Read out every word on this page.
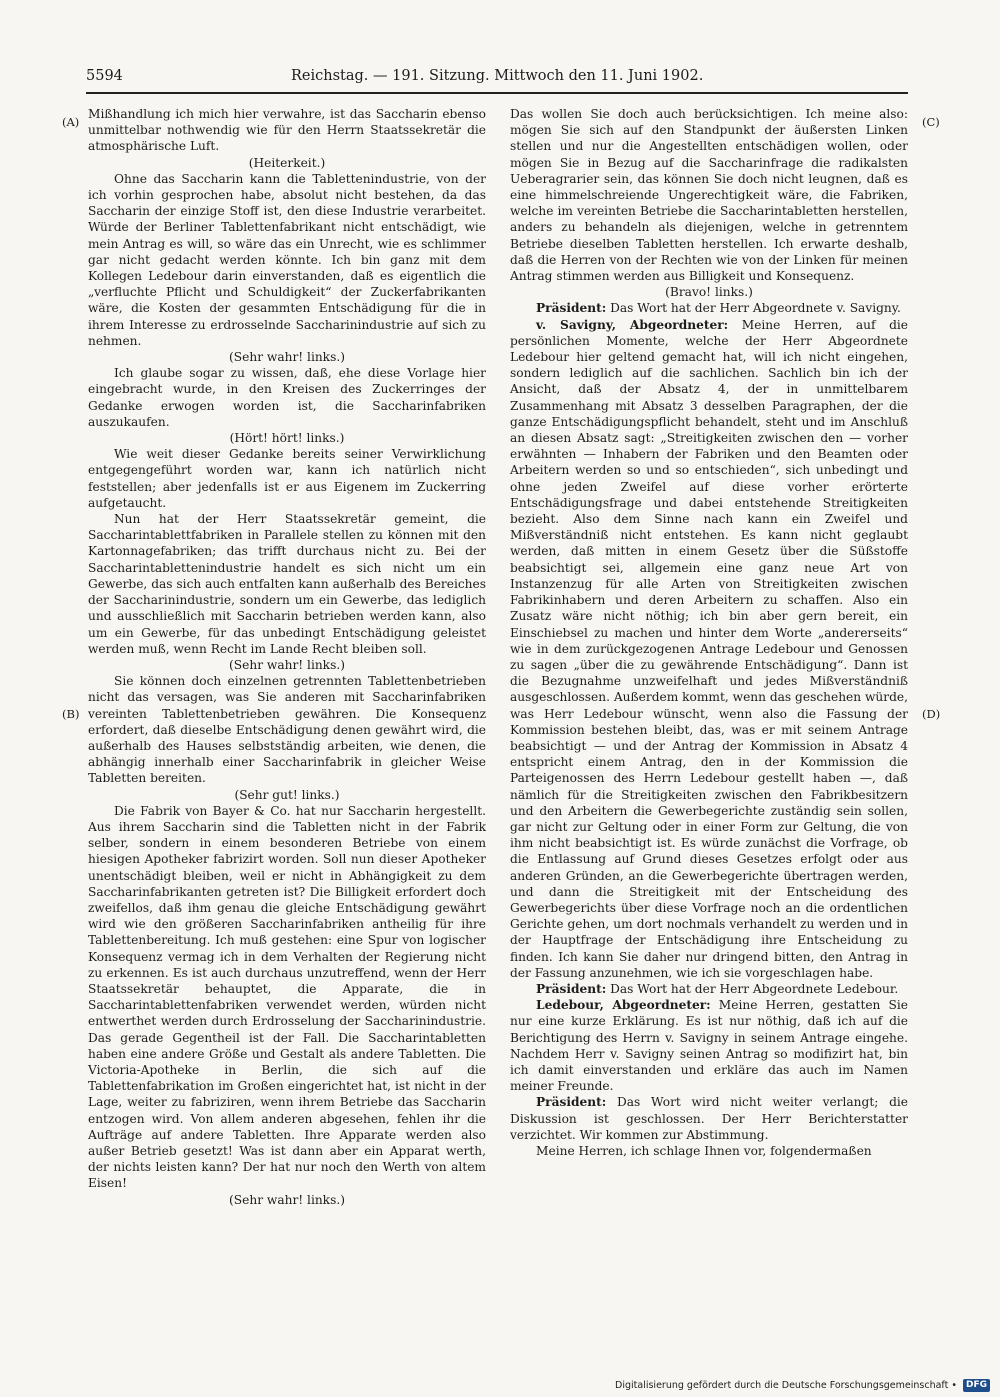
5594	Reichstag. — 191. Sitzung. Mittwoch den 11. Juni 1902.
(A)
(B)
(C)
(D)

Mißhandlung ich mich hier verwahre, ist das Saccharin ebenso unmittelbar nothwendig wie für den Herrn Staatssekretär die atmosphärische Luft.

(Heiterkeit.)

Ohne das Saccharin kann die Tablettenindustrie, von der ich vorhin gesprochen habe, absolut nicht bestehen, da das Saccharin der einzige Stoff ist, den diese Industrie verarbeitet. Würde der Berliner Tablettenfabrikant nicht entschädigt, wie mein Antrag es will, so wäre das ein Unrecht, wie es schlimmer gar nicht gedacht werden könnte. Ich bin ganz mit dem Kollegen Ledebour darin einverstanden, daß es eigentlich die „verfluchte Pflicht und Schuldigkeit“ der Zuckerfabrikanten wäre, die Kosten der gesammten Entschädigung für die in ihrem Interesse zu erdrosselnde Saccharinindustrie auf sich zu nehmen.

(Sehr wahr! links.)

Ich glaube sogar zu wissen, daß, ehe diese Vorlage hier eingebracht wurde, in den Kreisen des Zuckerringes der Gedanke erwogen worden ist, die Saccharinfabriken auszukaufen.

(Hört! hört! links.)

Wie weit dieser Gedanke bereits seiner Verwirklichung entgegengeführt worden war, kann ich natürlich nicht feststellen; aber jedenfalls ist er aus Eigenem im Zuckerring aufgetaucht.

Nun hat der Herr Staatssekretär gemeint, die Saccharintablettfabriken in Parallele stellen zu können mit den Kartonnagefabriken; das trifft durchaus nicht zu. Bei der Saccharintablettenindustrie handelt es sich nicht um ein Gewerbe, das sich auch entfalten kann außerhalb des Bereiches der Saccharinindustrie, sondern um ein Gewerbe, das lediglich und ausschließlich mit Saccharin betrieben werden kann, also um ein Gewerbe, für das unbedingt Entschädigung geleistet werden muß, wenn Recht im Lande Recht bleiben soll.

(Sehr wahr! links.)

Sie können doch einzelnen getrennten Tablettenbetrieben nicht das versagen, was Sie anderen mit Saccharinfabriken vereinten Tablettenbetrieben gewähren. Die Konsequenz erfordert, daß dieselbe Entschädigung denen gewährt wird, die außerhalb des Hauses selbstständig arbeiten, wie denen, die abhängig innerhalb einer Saccharinfabrik in gleicher Weise Tabletten bereiten.

(Sehr gut! links.)

Die Fabrik von Bayer & Co. hat nur Saccharin hergestellt. Aus ihrem Saccharin sind die Tabletten nicht in der Fabrik selber, sondern in einem besonderen Betriebe von einem hiesigen Apotheker fabrizirt worden. Soll nun dieser Apotheker unentschädigt bleiben, weil er nicht in Abhängigkeit zu dem Saccharinfabrikanten getreten ist? Die Billigkeit erfordert doch zweifellos, daß ihm genau die gleiche Entschädigung gewährt wird wie den größeren Saccharinfabriken antheilig für ihre Tablettenbereitung. Ich muß gestehen: eine Spur von logischer Konsequenz vermag ich in dem Verhalten der Regierung nicht zu erkennen. Es ist auch durchaus unzutreffend, wenn der Herr Staatssekretär behauptet, die Apparate, die in Saccharintablettenfabriken verwendet werden, würden nicht entwerthet werden durch Erdrosselung der Saccharinindustrie. Das gerade Gegentheil ist der Fall. Die Saccharintabletten haben eine andere Größe und Gestalt als andere Tabletten. Die Victoria-Apotheke in Berlin, die sich auf die Tablettenfabrikation im Großen eingerichtet hat, ist nicht in der Lage, weiter zu fabriziren, wenn ihrem Betriebe das Saccharin entzogen wird. Von allem anderen abgesehen, fehlen ihr die Aufträge auf andere Tabletten. Ihre Apparate werden also außer Betrieb gesetzt! Was ist dann aber ein Apparat werth, der nichts leisten kann? Der hat nur noch den Werth von altem Eisen!

(Sehr wahr! links.)

Das wollen Sie doch auch berücksichtigen. Ich meine also: mögen Sie sich auf den Standpunkt der äußersten Linken stellen und nur die Angestellten entschädigen wollen, oder mögen Sie in Bezug auf die Saccharinfrage die radikalsten Ueberagrarier sein, das können Sie doch nicht leugnen, daß es eine himmelschreiende Ungerechtigkeit wäre, die Fabriken, welche im vereinten Betriebe die Saccharintabletten herstellen, anders zu behandeln als diejenigen, welche in getrenntem Betriebe dieselben Tabletten herstellen. Ich erwarte deshalb, daß die Herren von der Rechten wie von der Linken für meinen Antrag stimmen werden aus Billigkeit und Konsequenz.

(Bravo! links.)

Präsident: Das Wort hat der Herr Abgeordnete v. Savigny.

v. Savigny, Abgeordneter: Meine Herren, auf die persönlichen Momente, welche der Herr Abgeordnete Ledebour hier geltend gemacht hat, will ich nicht eingehen, sondern lediglich auf die sachlichen. Sachlich bin ich der Ansicht, daß der Absatz 4, der in unmittelbarem Zusammenhang mit Absatz 3 desselben Paragraphen, der die ganze Entschädigungspflicht behandelt, steht und im Anschluß an diesen Absatz sagt: „Streitigkeiten zwischen den — vorher erwähnten — Inhabern der Fabriken und den Beamten oder Arbeitern werden so und so entschieden“, sich unbedingt und ohne jeden Zweifel auf diese vorher erörterte Entschädigungsfrage und dabei entstehende Streitigkeiten bezieht. Also dem Sinne nach kann ein Zweifel und Mißverständniß nicht entstehen. Es kann nicht geglaubt werden, daß mitten in einem Gesetz über die Süßstoffe beabsichtigt sei, allgemein eine ganz neue Art von Instanzenzug für alle Arten von Streitigkeiten zwischen Fabrikinhabern und deren Arbeitern zu schaffen. Also ein Zusatz wäre nicht nöthig; ich bin aber gern bereit, ein Einschiebsel zu machen und hinter dem Worte „andererseits“ wie in dem zurückgezogenen Antrage Ledebour und Genossen zu sagen „über die zu gewährende Entschädigung“. Dann ist die Bezugnahme unzweifelhaft und jedes Mißverständniß ausgeschlossen. Außerdem kommt, wenn das geschehen würde, was Herr Ledebour wünscht, wenn also die Fassung der Kommission bestehen bleibt, das, was er mit seinem Antrage beabsichtigt — und der Antrag der Kommission in Absatz 4 entspricht einem Antrag, den in der Kommission die Parteigenossen des Herrn Ledebour gestellt haben —, daß nämlich für die Streitigkeiten zwischen den Fabrikbesitzern und den Arbeitern die Gewerbegerichte zuständig sein sollen, gar nicht zur Geltung oder in einer Form zur Geltung, die von ihm nicht beabsichtigt ist. Es würde zunächst die Vorfrage, ob die Entlassung auf Grund dieses Gesetzes erfolgt oder aus anderen Gründen, an die Gewerbegerichte übertragen werden, und dann die Streitigkeit mit der Entscheidung des Gewerbegerichts über diese Vorfrage noch an die ordentlichen Gerichte gehen, um dort nochmals verhandelt zu werden und in der Hauptfrage der Entschädigung ihre Entscheidung zu finden. Ich kann Sie daher nur dringend bitten, den Antrag in der Fassung anzunehmen, wie ich sie vorgeschlagen habe.

Präsident: Das Wort hat der Herr Abgeordnete Ledebour.

Ledebour, Abgeordneter: Meine Herren, gestatten Sie nur eine kurze Erklärung. Es ist nur nöthig, daß ich auf die Berichtigung des Herrn v. Savigny in seinem Antrage eingehe. Nachdem Herr v. Savigny seinen Antrag so modifizirt hat, bin ich damit einverstanden und erkläre das auch im Namen meiner Freunde.

Präsident: Das Wort wird nicht weiter verlangt; die Diskussion ist geschlossen. Der Herr Berichterstatter verzichtet. Wir kommen zur Abstimmung.

Meine Herren, ich schlage Ihnen vor, folgendermaßen

Digitalisierung gefördert durch die Deutsche Forschungsgemeinschaft • DFG
